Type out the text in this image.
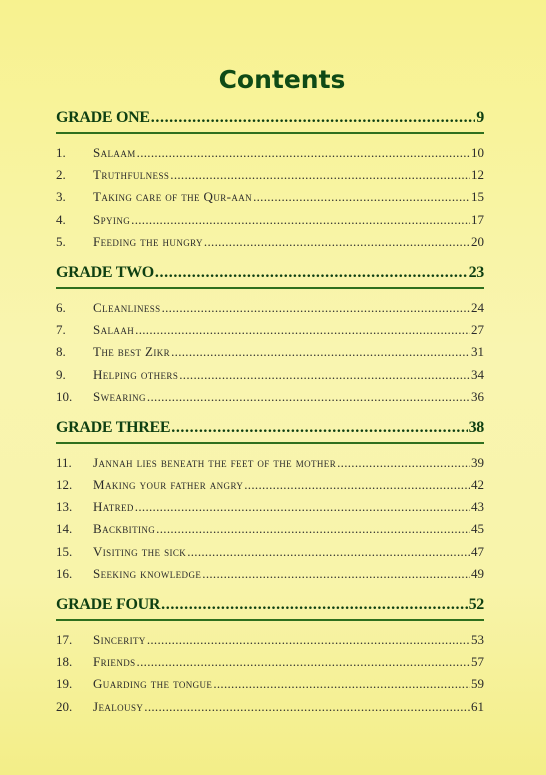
Contents
GRADE ONE .....	9
1.	Salaam .....	10
2.	Truthfulness .....	12
3.	Taking care of the Qur-aan .....	15
4.	Spying .....	17
5.	Feeding the hungry .....	20
GRADE TWO .....	23
6.	Cleanliness .....	24
7.	Salaah .....	27
8.	The best Zikr .....	31
9.	Helping others .....	34
10.	Swearing .....	36
GRADE THREE .....	38
11.	Jannah lies beneath the feet of the mother .....	39
12.	Making your father angry .....	42
13.	Hatred .....	43
14.	Backbiting .....	45
15.	Visiting the sick .....	47
16.	Seeking knowledge .....	49
GRADE FOUR .....	52
17.	Sincerity .....	53
18.	Friends .....	57
19.	Guarding the tongue .....	59
20.	Jealousy .....	61
